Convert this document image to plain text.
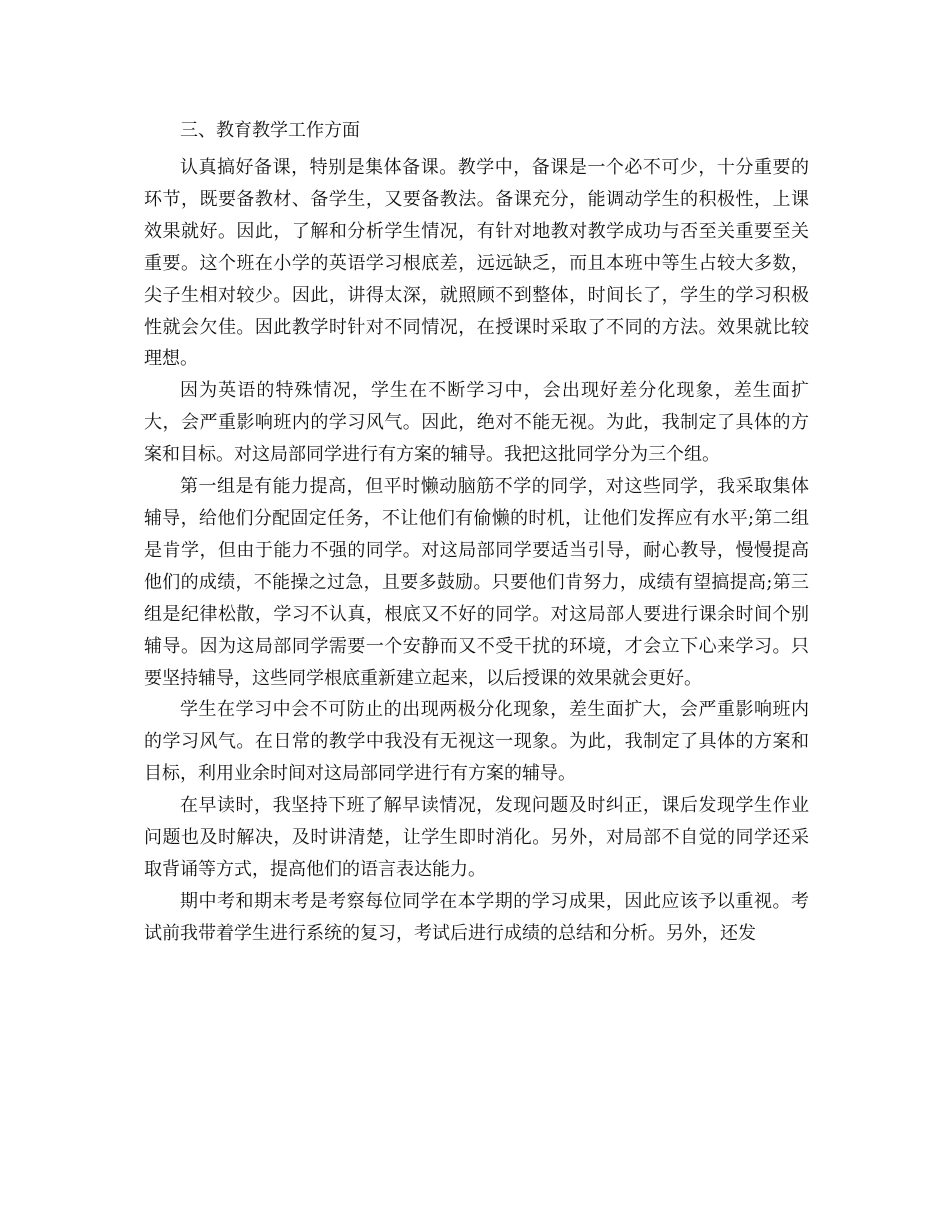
三、教育教学工作方面

认真搞好备课，特别是集体备课。教学中，备课是一个必不可少，十分重要的环节，既要备教材、备学生，又要备教法。备课充分，能调动学生的积极性，上课效果就好。因此，了解和分析学生情况，有针对地教对教学成功与否至关重要至关重要。这个班在小学的英语学习根底差，远远缺乏，而且本班中等生占较大多数，尖子生相对较少。因此，讲得太深，就照顾不到整体，时间长了，学生的学习积极性就会欠佳。因此教学时针对不同情况，在授课时采取了不同的方法。效果就比较理想。

因为英语的特殊情况，学生在不断学习中，会出现好差分化现象，差生面扩大，会严重影响班内的学习风气。因此，绝对不能无视。为此，我制定了具体的方案和目标。对这局部同学进行有方案的辅导。我把这批同学分为三个组。

第一组是有能力提高，但平时懒动脑筋不学的同学，对这些同学，我采取集体辅导，给他们分配固定任务，不让他们有偷懒的时机，让他们发挥应有水平;第二组是肯学，但由于能力不强的同学。对这局部同学要适当引导，耐心教导，慢慢提高他们的成绩，不能操之过急，且要多鼓励。只要他们肯努力，成绩有望搞提高;第三组是纪律松散，学习不认真，根底又不好的同学。对这局部人要进行课余时间个别辅导。因为这局部同学需要一个安静而又不受干扰的环境，才会立下心来学习。只要坚持辅导，这些同学根底重新建立起来，以后授课的效果就会更好。

学生在学习中会不可防止的出现两极分化现象，差生面扩大，会严重影响班内的学习风气。在日常的教学中我没有无视这一现象。为此，我制定了具体的方案和目标，利用业余时间对这局部同学进行有方案的辅导。

在早读时，我坚持下班了解早读情况，发现问题及时纠正，课后发现学生作业问题也及时解决，及时讲清楚，让学生即时消化。另外，对局部不自觉的同学还采取背诵等方式，提高他们的语言表达能力。

期中考和期末考是考察每位同学在本学期的学习成果，因此应该予以重视。考试前我带着学生进行系统的复习，考试后进行成绩的总结和分析。另外，还发
